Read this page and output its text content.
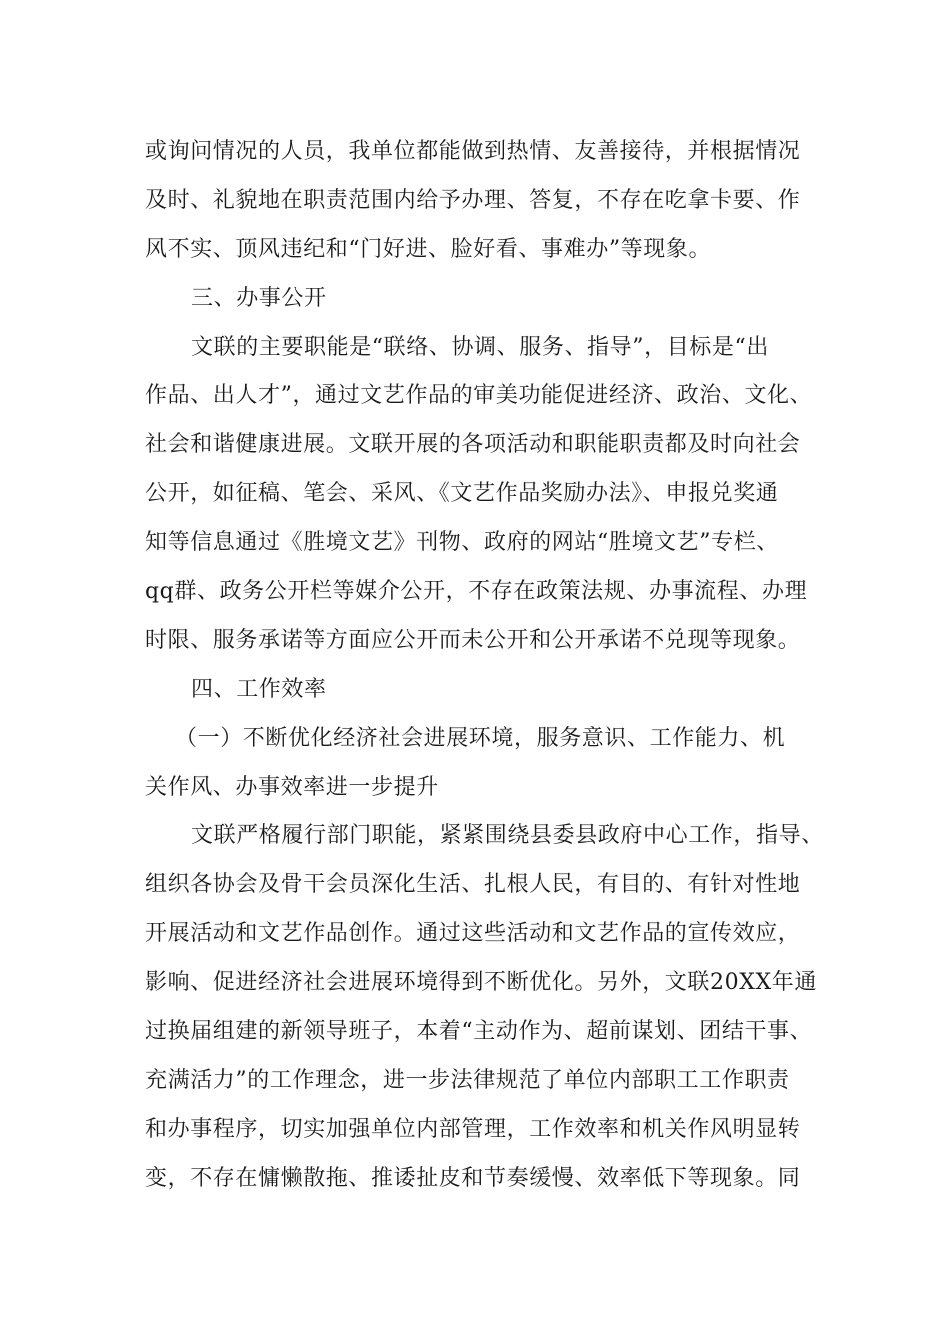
或询问情况的人员，我单位都能做到热情、友善接待，并根据情况
及时、礼貌地在职责范围内给予办理、答复，不存在吃拿卡要、作
风不实、顶风违纪和“门好进、脸好看、事难办”等现象。
三、办事公开
文联的主要职能是“联络、协调、服务、指导”，目标是“出
作品、出人才”，通过文艺作品的审美功能促进经济、政治、文化、
社会和谐健康进展。文联开展的各项活动和职能职责都及时向社会
公开，如征稿、笔会、采风、《文艺作品奖励办法》、申报兑奖通
知等信息通过《胜境文艺》刊物、政府的网站“胜境文艺”专栏、
qq群、政务公开栏等媒介公开，不存在政策法规、办事流程、办理
时限、服务承诺等方面应公开而未公开和公开承诺不兑现等现象。
四、工作效率
（一）不断优化经济社会进展环境，服务意识、工作能力、机
关作风、办事效率进一步提升
文联严格履行部门职能，紧紧围绕县委县政府中心工作，指导、
组织各协会及骨干会员深化生活、扎根人民，有目的、有针对性地
开展活动和文艺作品创作。通过这些活动和文艺作品的宣传效应，
影响、促进经济社会进展环境得到不断优化。另外，文联20XX年通
过换届组建的新领导班子，本着“主动作为、超前谋划、团结干事、
充满活力”的工作理念，进一步法律规范了单位内部职工工作职责
和办事程序，切实加强单位内部管理，工作效率和机关作风明显转
变，不存在慵懒散拖、推诿扯皮和节奏缓慢、效率低下等现象。同
